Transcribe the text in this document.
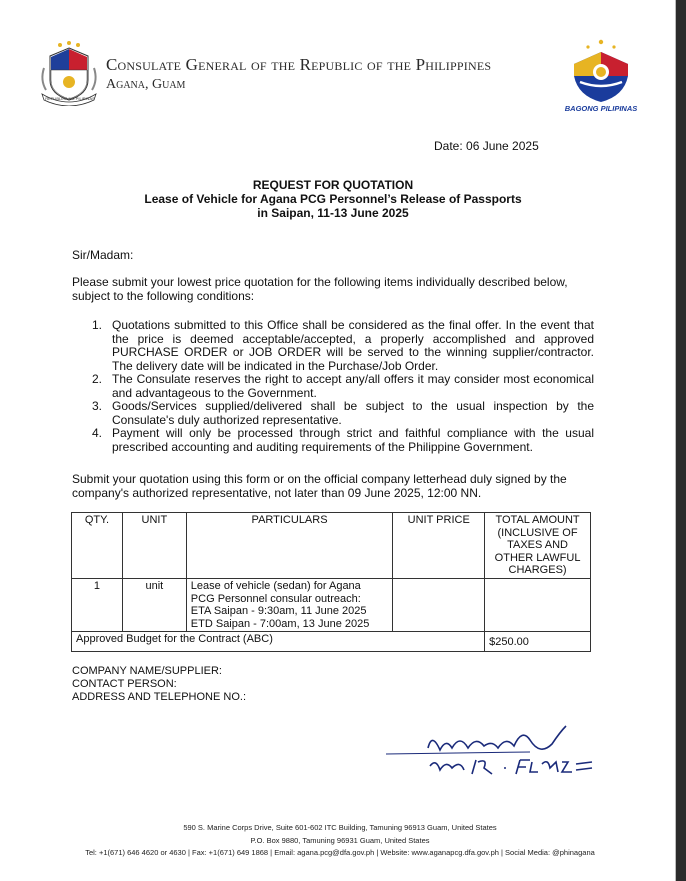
REPUBLIKA NG PILIPINAS
Consulate General of the Republic of the Philippines
Agana, Guam
BAGONG PILIPINAS
Date: 06 June 2025
REQUEST FOR QUOTATION
Lease of Vehicle for Agana PCG Personnel’s Release of Passports
in Saipan, 11-13 June 2025
Sir/Madam:
Please submit your lowest price quotation for the following items individually described below, subject to the following conditions:
1. Quotations submitted to this Office shall be considered as the final offer. In the event that the price is deemed acceptable/accepted, a properly accomplished and approved PURCHASE ORDER or JOB ORDER will be served to the winning supplier/contractor. The delivery date will be indicated in the Purchase/Job Order.
2. The Consulate reserves the right to accept any/all offers it may consider most economical and advantageous to the Government.
3. Goods/Services supplied/delivered shall be subject to the usual inspection by the Consulate's duly authorized representative.
4. Payment will only be processed through strict and faithful compliance with the usual prescribed accounting and auditing requirements of the Philippine Government.
Submit your quotation using this form or on the official company letterhead duly signed by the company's authorized representative, not later than 09 June 2025, 12:00 NN.
QTY.	UNIT	PARTICULARS	UNIT PRICE	TOTAL AMOUNT (INCLUSIVE OF TAXES AND OTHER LAWFUL CHARGES)
1	unit	Lease of vehicle (sedan) for Agana
PCG Personnel consular outreach:
ETA Saipan - 9:30am, 11 June 2025
ETD Saipan - 7:00am, 13 June 2025		

Approved Budget for the Contract (ABC)				$250.00
COMPANY NAME/SUPPLIER:
CONTACT PERSON:
ADDRESS AND TELEPHONE NO.:
590 S. Marine Corps Drive, Suite 601-602 ITC Building, Tamuning 96913 Guam, United States
P.O. Box 9880, Tamuning 96931 Guam, United States
Tel: +1(671) 646 4620 or 4630 | Fax: +1(671) 649 1868 | Email: agana.pcg@dfa.gov.ph | Website: www.aganapcg.dfa.gov.ph | Social Media: @phinagana
